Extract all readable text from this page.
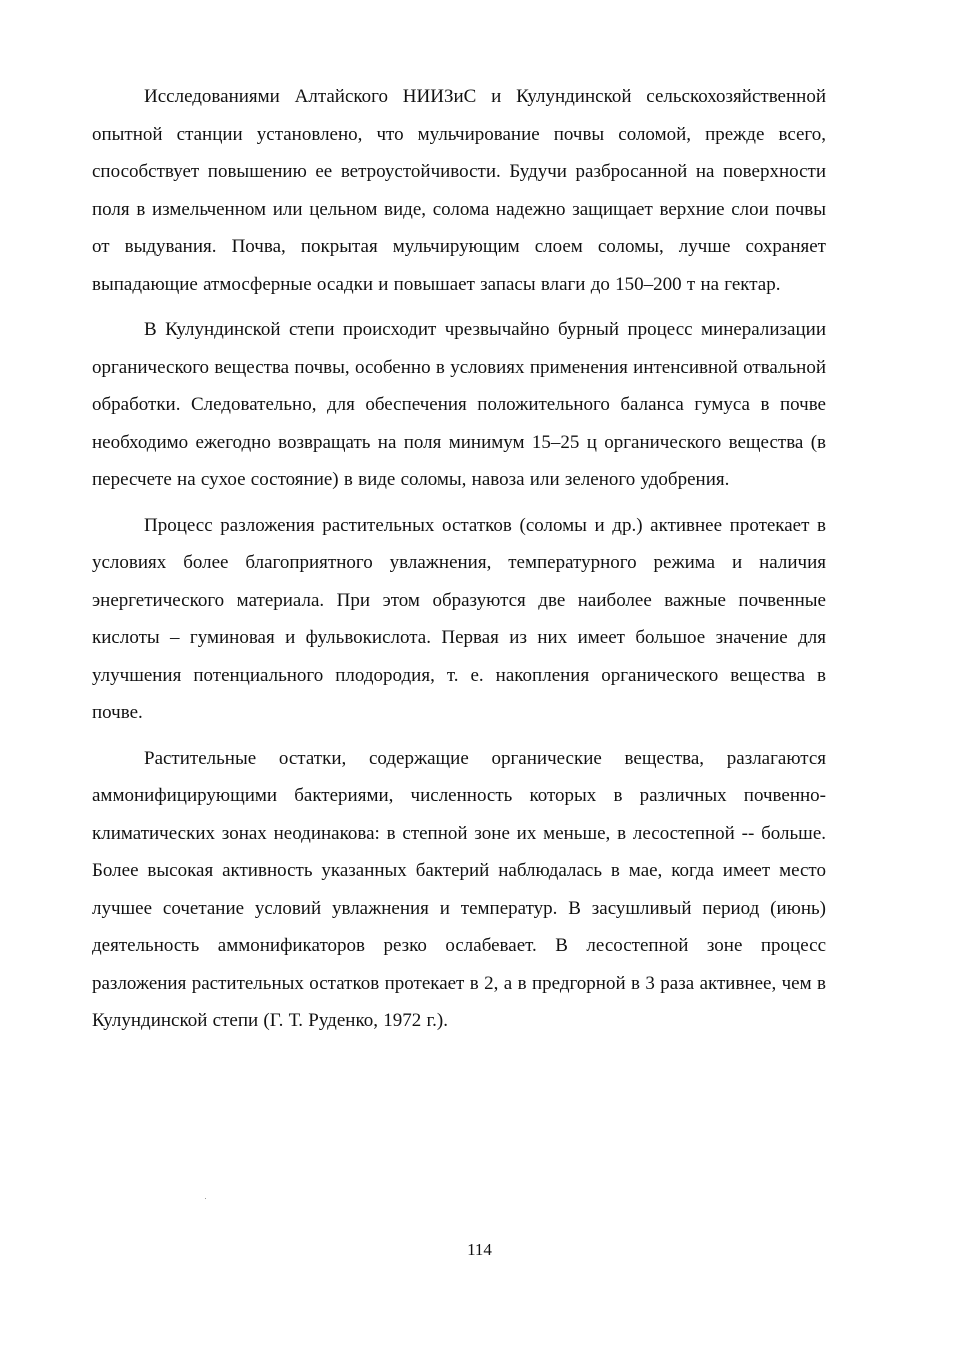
Исследованиями Алтайского НИИЗиС и Кулундинской сельскохозяйственной опытной станции установлено, что мульчирование почвы соломой, прежде всего, способствует повышению ее ветроустойчивости. Будучи разбросанной на поверхности поля в измельченном или цельном виде, солома надежно защищает верхние слои почвы от выдувания. Почва, покрытая мульчирующим слоем соломы, лучше сохраняет выпадающие атмосферные осадки и повышает запасы влаги до 150–200 т на гектар.

В Кулундинской степи происходит чрезвычайно бурный процесс минерализации органического вещества почвы, особенно в условиях применения интенсивной отвальной обработки. Следовательно, для обеспечения положительного баланса гумуса в почве необходимо ежегодно возвращать на поля минимум 15–25 ц органического вещества (в пересчете на сухое состояние) в виде соломы, навоза или зеленого удобрения.

Процесс разложения растительных остатков (соломы и др.) активнее протекает в условиях более благоприятного увлажнения, температурного режима и наличия энергетического материала. При этом образуются две наиболее важные почвенные кислоты – гуминовая и фульвокислота. Первая из них имеет большое значение для улучшения потенциального плодородия, т. е. накопления органического вещества в почве.

Растительные остатки, содержащие органические вещества, разлагаются аммонифицирующими бактериями, численность которых в различных почвенно-климатических зонах неодинакова: в степной зоне их меньше, в лесостепной -- больше. Более высокая активность указанных бактерий наблюдалась в мае, когда имеет место лучшее сочетание условий увлажнения и температур. В засушливый период (июнь) деятельность аммонификаторов резко ослабевает. В лесостепной зоне процесс разложения растительных остатков протекает в 2, а в предгорной в 3 раза активнее, чем в Кулундинской степи (Г. Т. Руденко, 1972 г.).

114
